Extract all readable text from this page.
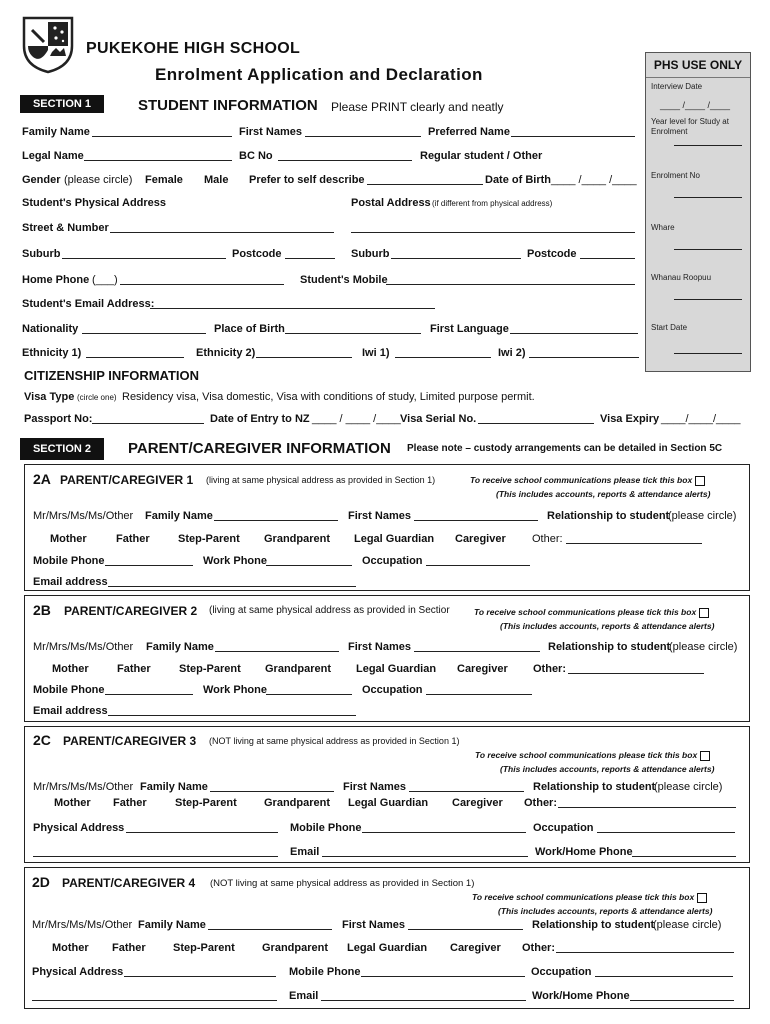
PUKEKOHE HIGH SCHOOL
Enrolment Application and Declaration	PHS USE ONLY
Interview Date
____ /____ /____
Year level for Study at Enrolment
Enrolment No
Whare
Whanau Roopuu
Start Date
SECTION 1	STUDENT INFORMATION Please PRINT clearly and neatly
Family Name	First Names	Preferred Name
Legal Name	BC No	Regular student / Other
Gender (please circle) Female Male Prefer to self describe	Date of Birth ____ /____ /____
Student's Physical Address	Postal Address (if different from physical address)
Street & Number
Suburb	Postcode	Suburb	Postcode
Home Phone (___)	Student's Mobile
Student's Email Address:
Nationality	Place of Birth	First Language
Ethnicity 1)	Ethnicity 2)	Iwi 1)	Iwi 2)
CITIZENSHIP INFORMATION
Visa Type (circle one) Residency visa, Visa domestic, Visa with conditions of study, Limited purpose permit.
Passport No:	Date of Entry to NZ ____ / ____ /____ Visa Serial No.	Visa Expiry ____/____/____
SECTION 2	PARENT/CAREGIVER INFORMATION Please note – custody arrangements can be detailed in Section 5C
2A PARENT/CAREGIVER 1 (living at same physical address as provided in Section 1)	To receive school communications please tick this box
(This includes accounts, reports & attendance alerts)
Mr/Mrs/Ms/Ms/Other Family Name	First Names	Relationship to student
(please circle)
Mother	Father	Step-Parent Grandparent Legal Guardian Caregiver Other:
Mobile Phone	Work Phone	Occupation
Email address
2B PARENT/CAREGIVER 2 (living at same physical address as provided in Sectior	To receive school communications please tick this box
(This includes accounts, reports & attendance alerts)
Mr/Mrs/Ms/Ms/Other Family Name	First Names	Relationship to student
(please circle)
Mother	Father	Step-Parent Grandparent Legal Guardian Caregiver Other:
Mobile Phone	Work Phone	Occupation
Email address
2C PARENT/CAREGIVER 3 (NOT living at same physical address as provided in Section 1)
To receive school communications please tick this box
(This includes accounts, reports & attendance alerts)
Mr/Mrs/Ms/Ms/Other Family Name	First Names	Relationship to student
(please circle)
Mother Father	Step-Parent Grandparent Legal Guardian Caregiver Other:
Physical Address	Mobile Phone	Occupation
Email	Work/Home Phone
2D PARENT/CAREGIVER 4 (NOT living at same physical address as provided in Section 1)
To receive school communications please tick this box
(This includes accounts, reports & attendance alerts)
Mr/Mrs/Ms/Ms/Other Family Name	First Names	Relationship to student
(please circle)
Mother Father Step-Parent Grandparent Legal Guardian Caregiver Other:
Physical Address	Mobile Phone	Occupation
Email	Work/Home Phone
